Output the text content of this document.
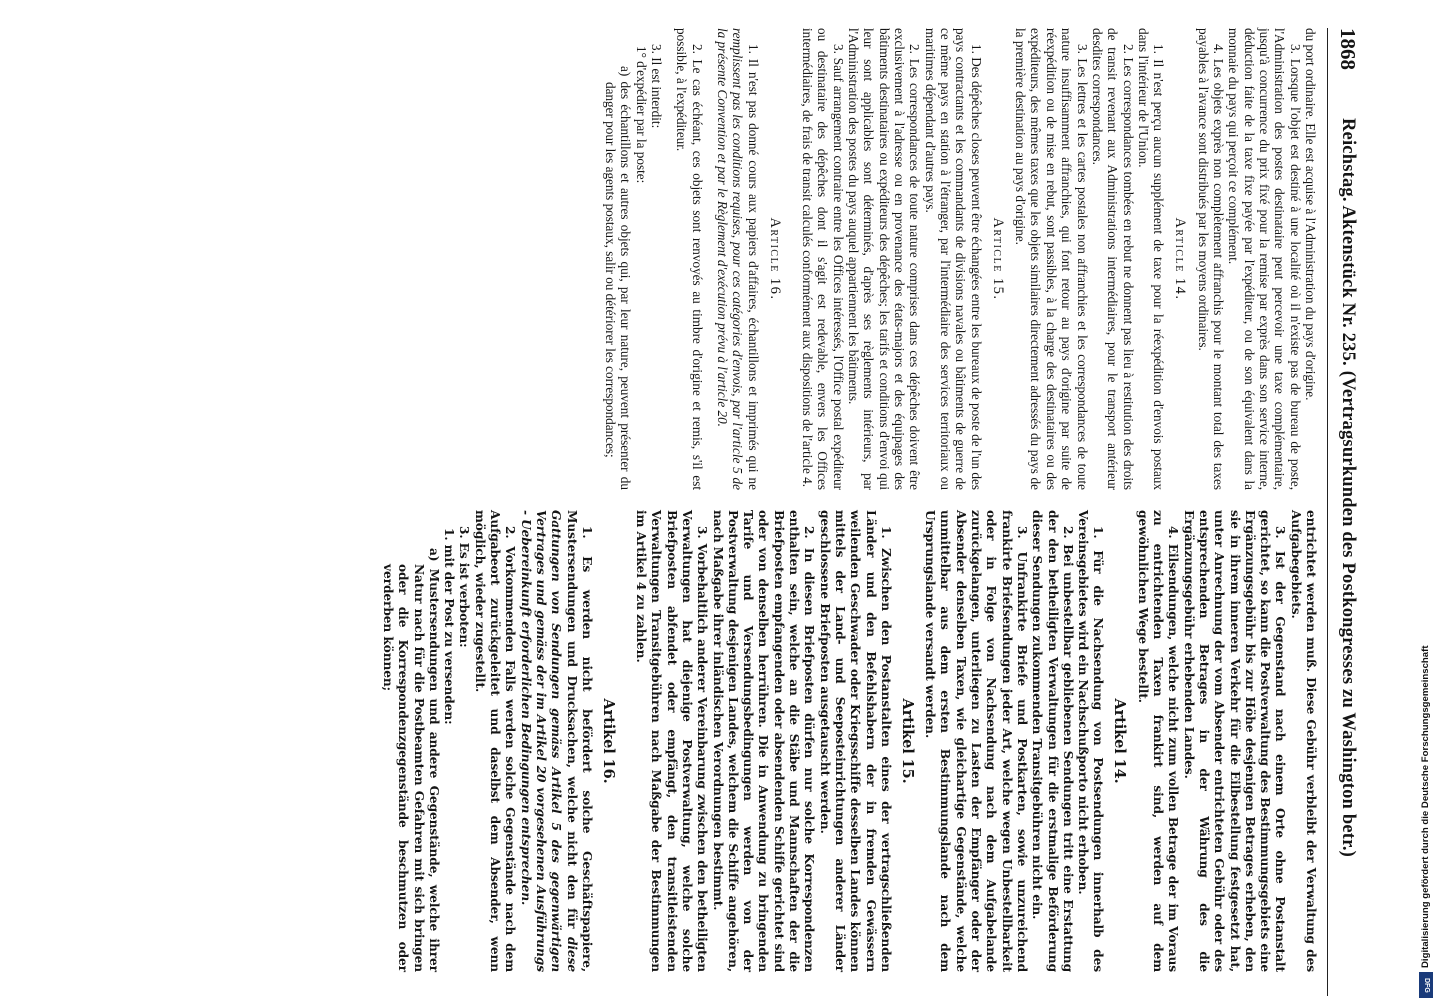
1868
Reichstag. Aktenstück Nr. 235. (Vertragsurkunden des Postkongresses zu Washington betr.)

du port ordinaire. Elle est acquise à l'Administration du pays d'origine.

3. Lorsque l'objet est destiné à une localité où il n'existe pas de bureau de poste, l'Administration des postes destinataire peut percevoir une taxe complémentaire, jusqu'à concurrence du prix fixé pour la remise par exprès dans son service interne, déduction faite de la taxe fixe payée par l'expéditeur, ou de son équivalent dans la monnaie du pays qui perçoit ce complément.

4. Les objets exprès non complètement affranchis pour le montant total des taxes payables à l'avance sont distribués par les moyens ordinaires.

Article 14.

1. Il n'est perçu aucun supplément de taxe pour la réexpédition d'envois postaux dans l'intérieur de l'Union.

2. Les correspondances tombées en rebut ne donnent pas lieu à restitution des droits de transit revenant aux Administrations intermédiaires, pour le transport antérieur desdites correspondances.

3. Les lettres et les cartes postales non affranchies et les correspondances de toute nature insuffisamment affranchies, qui font retour au pays d'origine par suite de réexpédition ou de mise en rebut, sont passibles, à la charge des destinataires ou des expéditeurs, des mêmes taxes que les objets similaires directement adressés du pays de la première destination au pays d'origine.

Article 15.

1. Des dépêches closes peuvent être échangées entre les bureaux de poste de l'un des pays contractants et les commandants de divisions navales ou bâtiments de guerre de ce même pays en station à l'étranger, par l'intermédiaire des services territoriaux ou maritimes dépendant d'autres pays.

2. Les correspondances de toute nature comprises dans ces dépêches doivent être exclusivement à l'adresse ou en provenance des états-majors et des équipages des bâtiments destinataires ou expéditeurs des dépêches; les tarifs et conditions d'envoi qui leur sont applicables sont déterminés, d'après ses règlements intérieurs, par l'Administration des postes du pays auquel appartiennent les bâtiments.

3. Sauf arrangement contraire entre les Offices intéressés, l'Office postal expéditeur ou destinataire des dépêches dont il s'agit est redevable, envers les Offices intermédiaires, de frais de transit calculés conformément aux dispositions de l'article 4.

Article 16.

1. Il n'est pas donné cours aux papiers d'affaires, échantillons et imprimés qui ne remplissent pas les conditions requises, pour ces catégories d'envois, par l'article 5 de la présente Convention et par le Règlement d'exécution prévu à l'article 20.

2. Le cas échéant, ces objets sont renvoyés au timbre d'origine et remis, s'il est possible, à l'expéditeur.

3. Il est interdit:

1° d'expédier par la poste:

a) des échantillons et autres objets qui, par leur nature, peuvent présenter du danger pour les agents postaux, salir ou détériorer les correspondances;

entrichtet werden muß. Diese Gebühr verbleibt der Verwaltung des Aufgabegebiets.

3. Ist der Gegenstand nach einem Orte ohne Postanstalt gerichtet, so kann die Postverwaltung des Bestimmungsgebiets eine Ergänzungsgebühr bis zur Höhe desjenigen Betrages erheben, den sie in ihrem inneren Verkehr für die Eilbestellung festgesetzt hat, unter Anrechnung der vom Absender entrichteten Gebühr oder des entsprechenden Betrages in der Währung des die Ergänzungsgebühr erhebenden Landes.

4. Eilsendungen, welche nicht zum vollen Betrage der im Voraus zu entrichtenden Taxen frankirt sind, werden auf dem gewöhnlichen Wege bestellt.

Artikel 14.

1. Für die Nachsendung von Postsendungen innerhalb des Vereinsgebietes wird ein Nachschußporto nicht erhoben.

2. Bei unbestellbar gebliebenen Sendungen tritt eine Erstattung der den betheiligten Verwaltungen für die erstmalige Beförderung dieser Sendungen zukommenden Transitgebühren nicht ein.

3. Unfrankirte Briefe und Postkarten, sowie unzureichend frankirte Briefsendungen jeder Art, welche wegen Unbestellbarkeit oder in Folge von Nachsendung nach dem Aufgabelande zurückgelangen, unterliegen zu Lasten der Empfänger oder der Absender denselben Taxen, wie gleichartige Gegenstände, welche unmittelbar aus dem ersten Bestimmungslande nach dem Ursprungslande versandt werden.

Artikel 15.

1. Zwischen den Postanstalten eines der vertragschließenden Länder und den Befehlshabern der in fremden Gewässern weilenden Geschwader oder Kriegsschiffe desselben Landes können mittels der Land- und Seeposteinrichtungen anderer Länder geschlossene Briefposten ausgetauscht werden.

2. In diesen Briefposten dürfen nur solche Korrespondenzen enthalten sein, welche an die Stäbe und Mannschaften der die Briefposten empfangenden oder absendenden Schiffe gerichtet sind oder von denselben herrühren. Die in Anwendung zu bringenden Tarife und Versendungsbedingungen werden von der Postverwaltung desjenigen Landes, welchem die Schiffe angehören, nach Maßgabe ihrer inländischen Verordnungen bestimmt.

3. Vorbehaltlich anderer Vereinbarung zwischen den betheiligten Verwaltungen hat diejenige Postverwaltung, welche solche Briefposten abfendet oder empfängt, den transitleistenden Verwaltungen Transitgebühren nach Maßgabe der Bestimmungen im Artikel 4 zu zahlen.

Artikel 16.

1. Es werden nicht befördert solche Geschäftspapiere, Mustersendungen und Drucksachen, welche nicht den für diese Gattungen von Sendungen gemäss Artikel 5 des gegenwärtigen Vertrages und gemäss der im Artikel 20 vorgesehenen Ausführungs - Uebereinkunft erforderlichen Bedingungen entsprechen.

2. Vorkommenden Falls werden solche Gegenstände nach dem Aufgabeort zurückgeleitet und daselbst dem Absender, wenn möglich, wieder zugestellt.

3. Es ist verboten:

1. mit der Post zu versenden:

a) Mustersendungen und andere Gegenstände, welche ihrer Natur nach für die Postbeamten Gefahren mit sich bringen oder die Korrespondenzgegenstände beschmutzen oder verderben können;

Digitalisierung gefördert durch die Deutsche Forschungsgemeinschaft
DFG
